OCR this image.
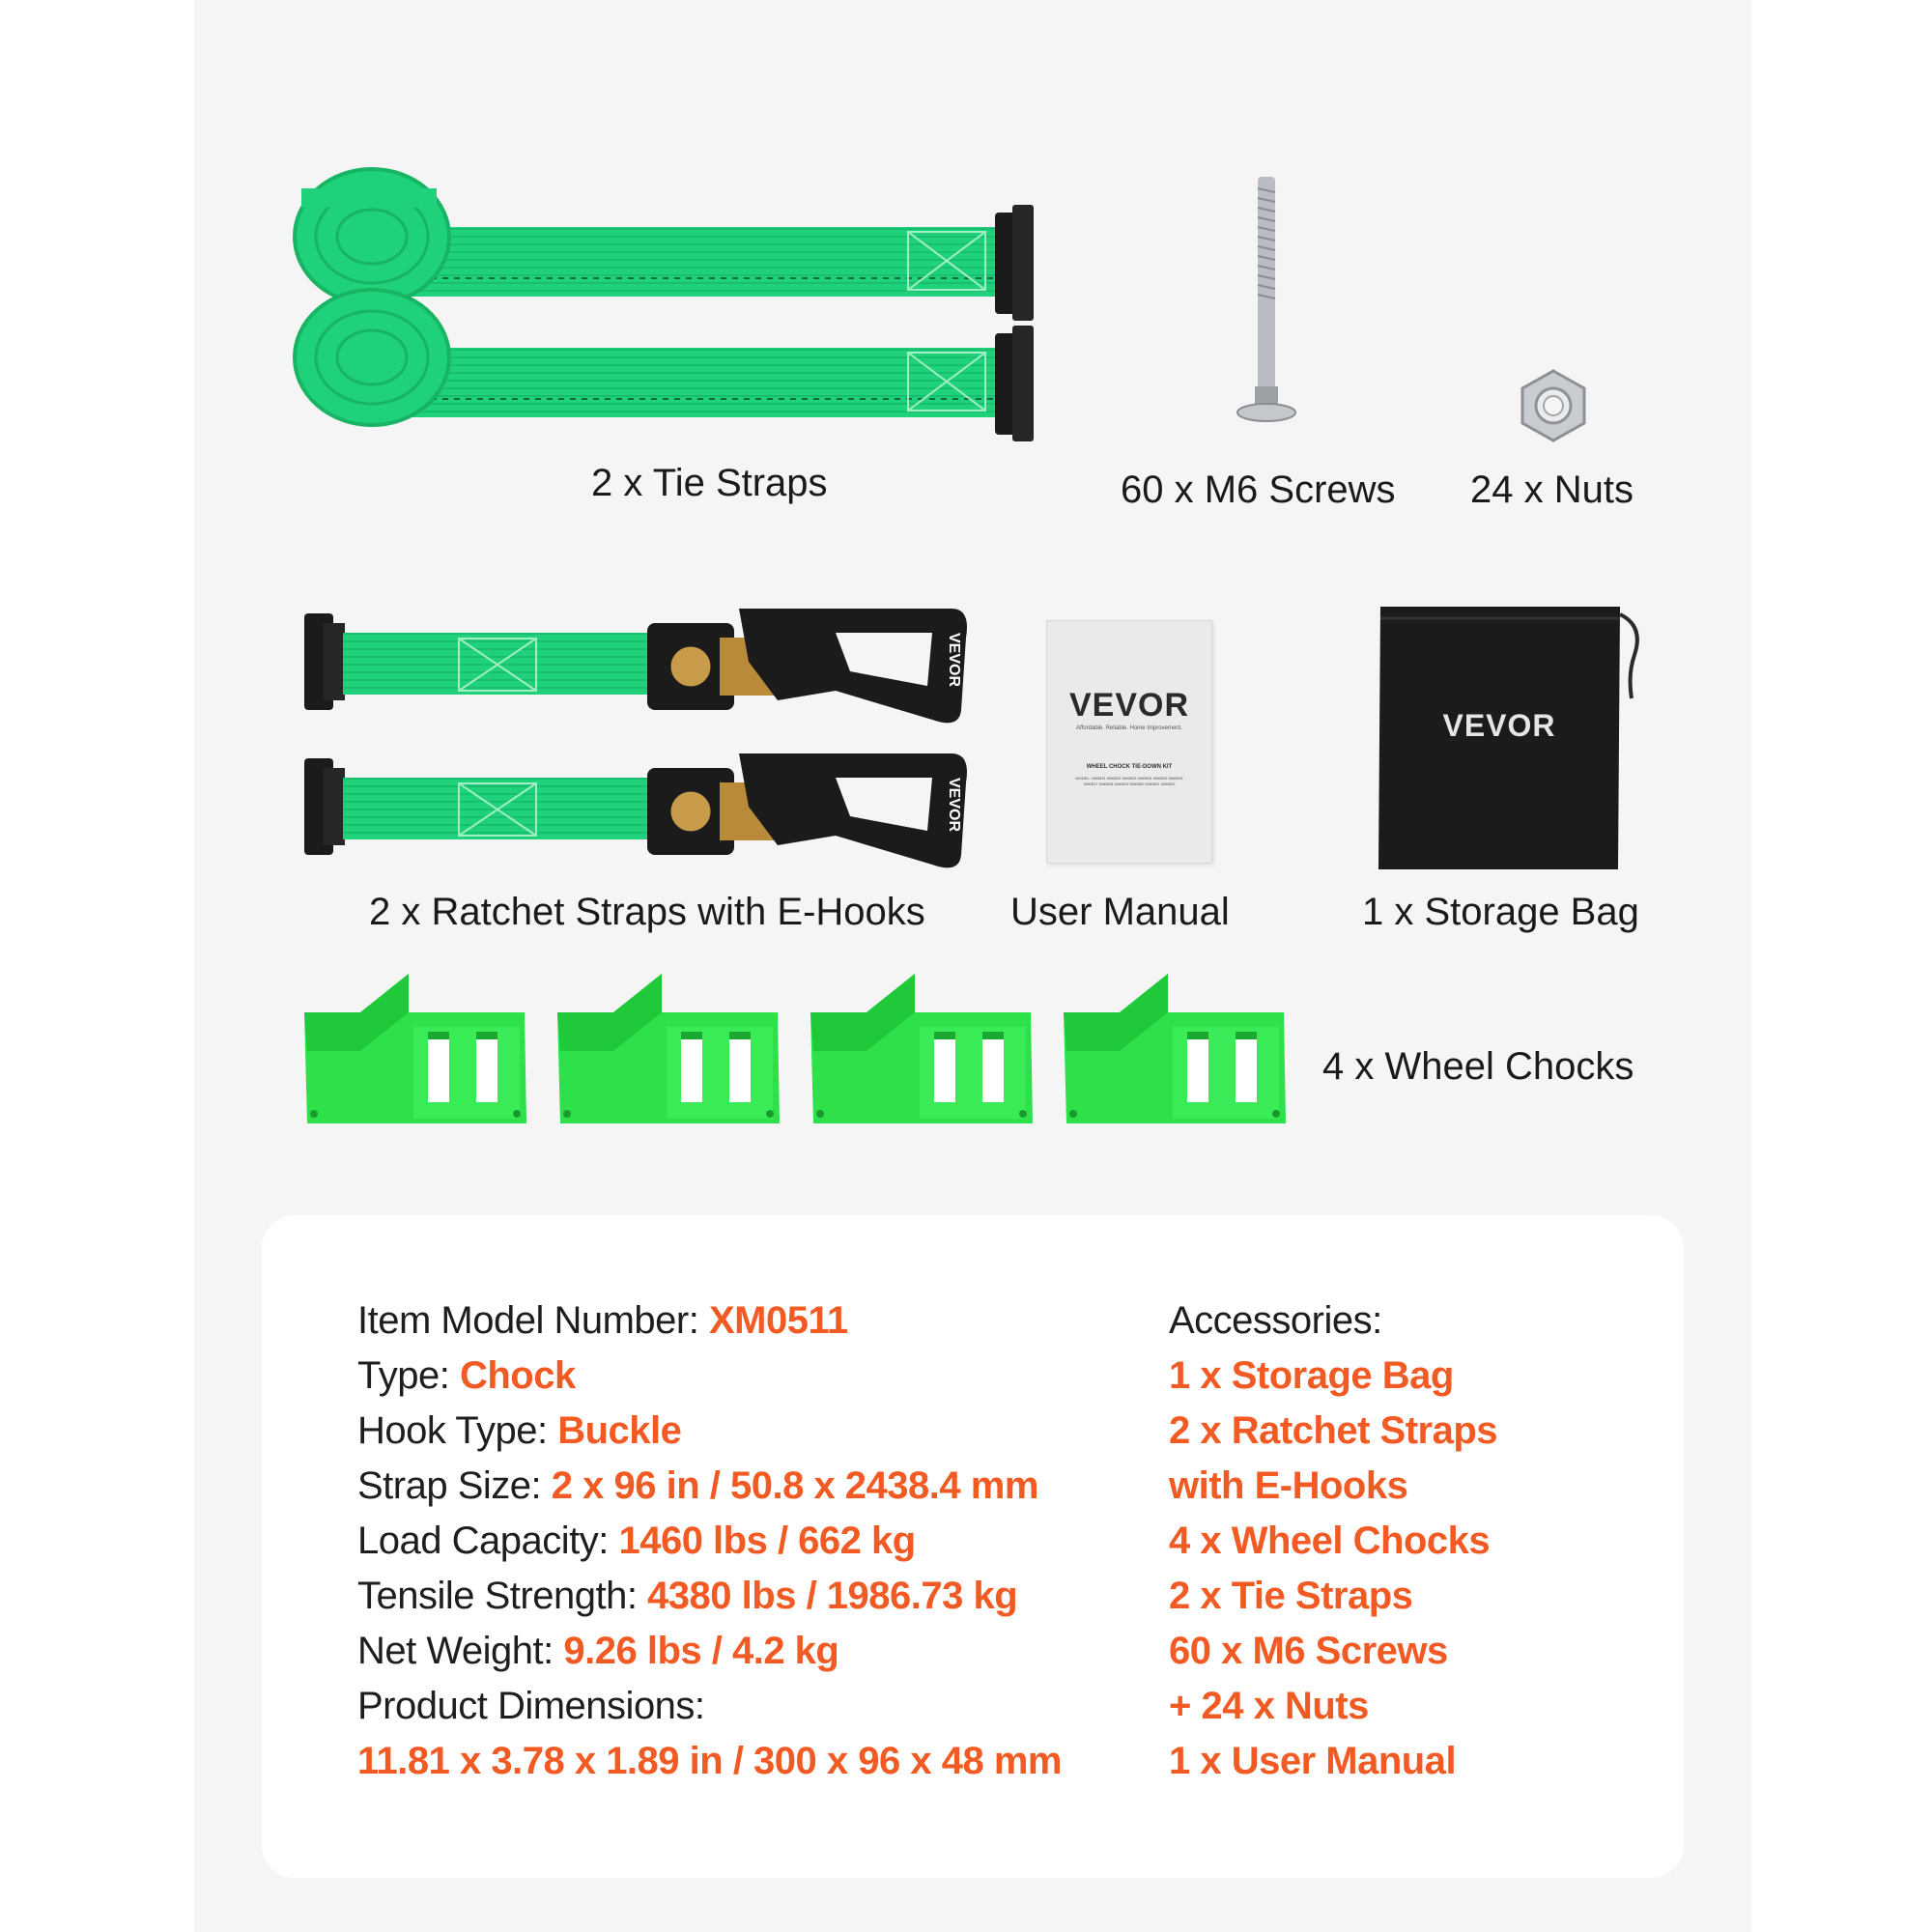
2 x Tie Straps	60 x M6 Screws 24 x Nuts
VEVOR
VEVOR
2 x Ratchet Straps with E-Hooks
VEVOR
Affordable. Reliable. Home Improvement.
WHEEL CHOCK TIE-DOWN KIT
MODEL: XM0511 XM0512 XM0513 XM0514 XM0515 XM0516
XM0517 XM0518 XM0519 XM0520 XM0521 XM0522
User Manual
VEVOR
1 x Storage Bag
4 x Wheel Chocks
Item Model Number: XM0511
Type: Chock
Hook Type: Buckle
Strap Size: 2 x 96 in / 50.8 x 2438.4 mm
Load Capacity: 1460 lbs / 662 kg
Tensile Strength: 4380 lbs / 1986.73 kg
Net Weight: 9.26 lbs / 4.2 kg
Product Dimensions:
11.81 x 3.78 x 1.89 in / 300 x 96 x 48 mm
Accessories:
1 x Storage Bag
2 x Ratchet Straps
with E-Hooks
4 x Wheel Chocks
2 x Tie Straps
60 x M6 Screws
+ 24 x Nuts
1 x User Manual
